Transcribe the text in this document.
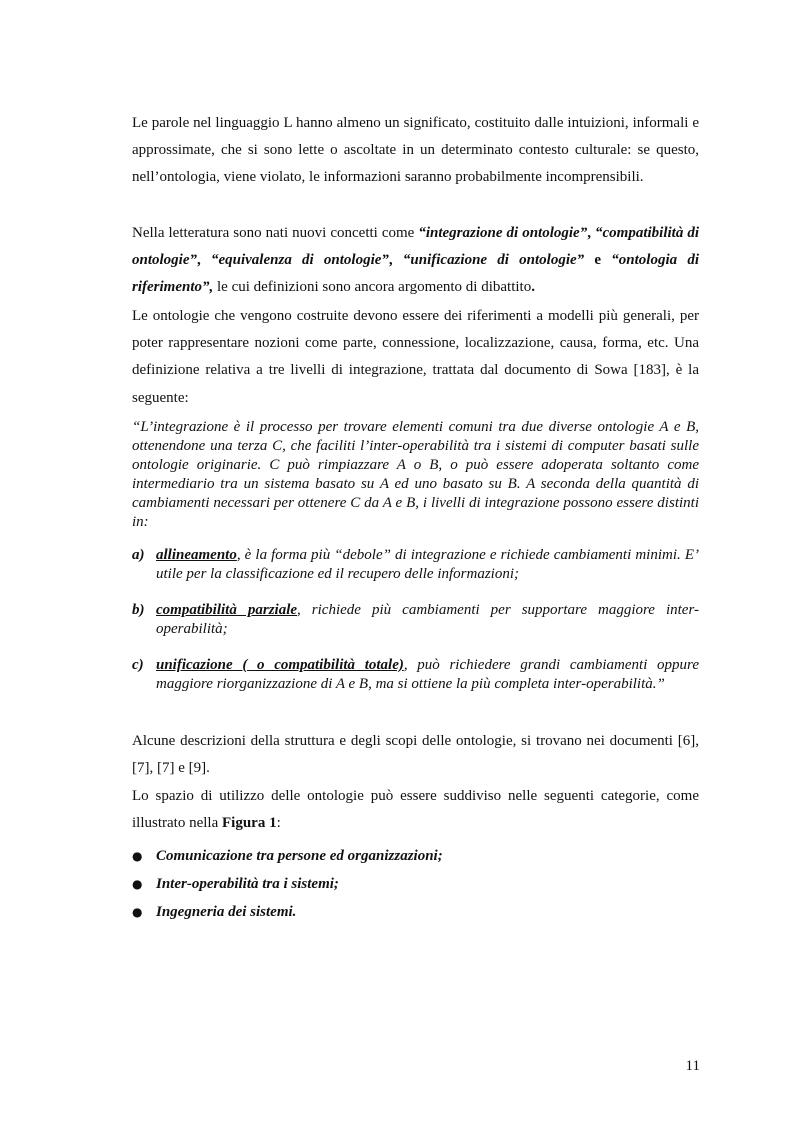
Le parole nel linguaggio L hanno almeno un significato, costituito dalle intuizioni, informali e approssimate, che si sono lette o ascoltate in un determinato contesto culturale: se questo, nell’ontologia, viene violato, le informazioni saranno probabilmente incomprensibili.

Nella letteratura sono nati nuovi concetti come “integrazione di ontologie”, “compatibilità di ontologie”, “equivalenza di ontologie”, “unificazione di ontologie” e “ontologia di riferimento”, le cui definizioni sono ancora argomento di dibattito.

Le ontologie che vengono costruite devono essere dei riferimenti a modelli più generali, per poter rappresentare nozioni come parte, connessione, localizzazione, causa, forma, etc. Una definizione relativa a tre livelli di integrazione, trattata dal documento di Sowa [183], è la seguente:

“L’integrazione è il processo per trovare elementi comuni tra due diverse ontologie A e B, ottenendone una terza C, che faciliti l’inter-operabilità tra i sistemi di computer basati sulle ontologie originarie. C può rimpiazzare A o B, o può essere adoperata soltanto come intermediario tra un sistema basato su A ed uno basato su B. A seconda della quantità di cambiamenti necessari per ottenere C da A e B, i livelli di integrazione possono essere distinti in:

a) allineamento, è la forma più “debole” di integrazione e richiede cambiamenti minimi. E’ utile per la classificazione ed il recupero delle informazioni;

b) compatibilità parziale, richiede più cambiamenti per supportare maggiore inter-operabilità;

c) unificazione ( o compatibilità totale), può richiedere grandi cambiamenti oppure maggiore riorganizzazione di A e B, ma si ottiene la più completa inter-operabilità.”

Alcune descrizioni della struttura e degli scopi delle ontologie, si trovano nei documenti [6], [7], [7] e [9].

Lo spazio di utilizzo delle ontologie può essere suddiviso nelle seguenti categorie, come illustrato nella Figura 1:

● Comunicazione tra persone ed organizzazioni;
● Inter-operabilità tra i sistemi;
● Ingegneria dei sistemi.
11
